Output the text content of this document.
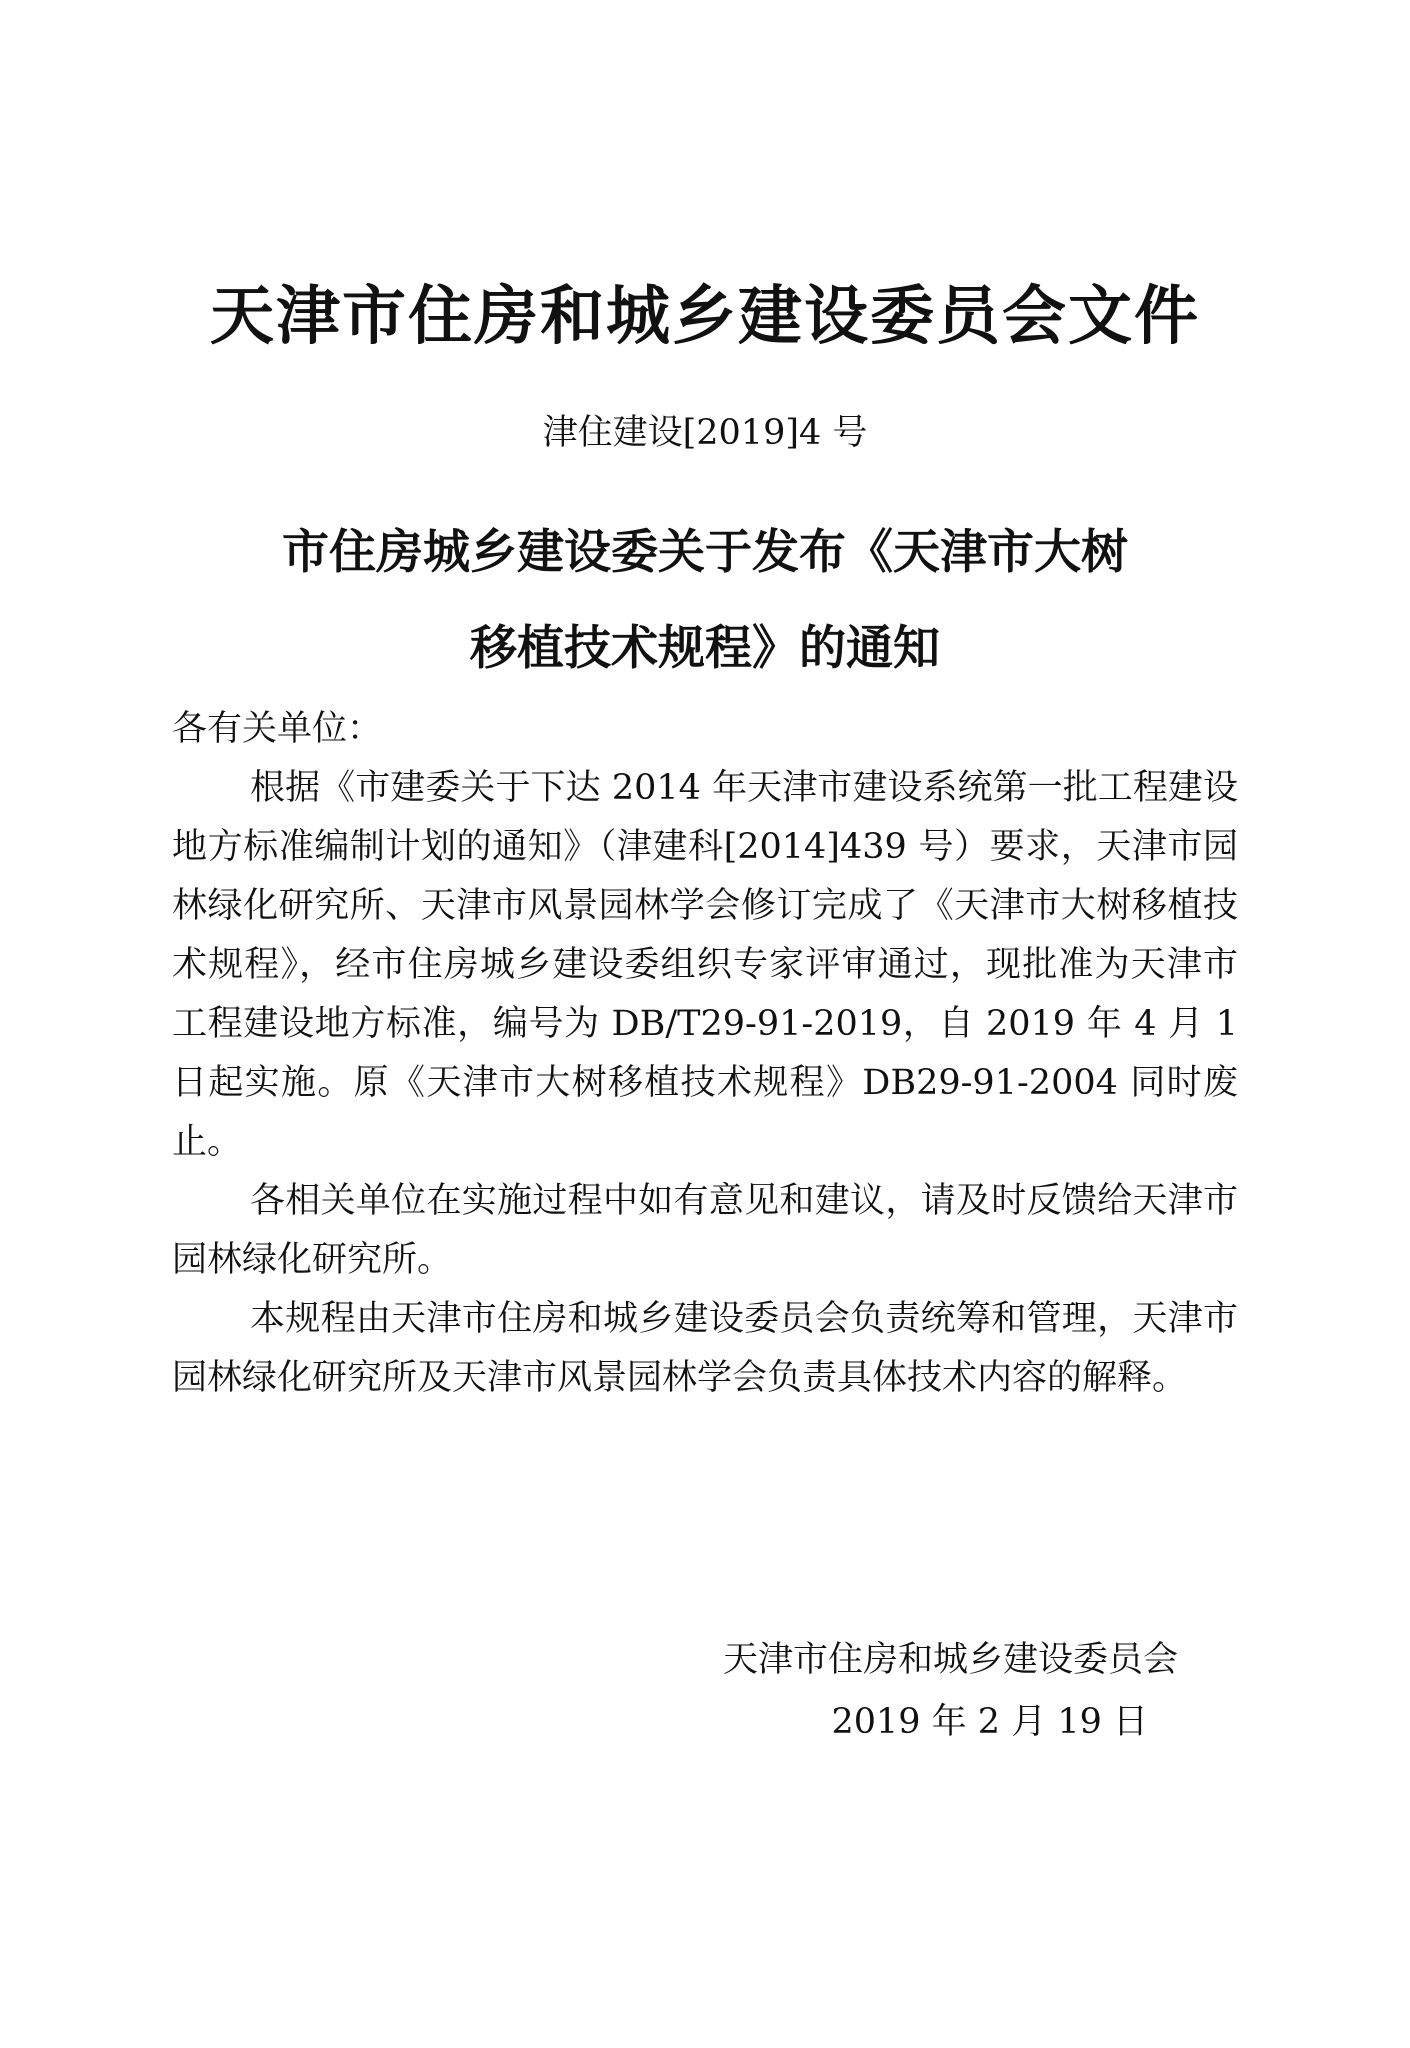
天津市住房和城乡建设委员会文件
津住建设[2019]4 号
市住房城乡建设委关于发布《天津市大树
移植技术规程》的通知

各有关单位：

根据《市建委关于下达 2014 年天津市建设系统第一批工程建设地方标准编制计划的通知》（津建科[2014]439 号）要求，天津市园林绿化研究所、天津市风景园林学会修订完成了《天津市大树移植技术规程》，经市住房城乡建设委组织专家评审通过，现批准为天津市工程建设地方标准，编号为 DB/T29-91-2019，自 2019 年 4 月 1 日起实施。原《天津市大树移植技术规程》DB29-91-2004 同时废止。

各相关单位在实施过程中如有意见和建议，请及时反馈给天津市园林绿化研究所。

本规程由天津市住房和城乡建设委员会负责统筹和管理，天津市园林绿化研究所及天津市风景园林学会负责具体技术内容的解释。

天津市住房和城乡建设委员会
2019 年 2 月 19 日
